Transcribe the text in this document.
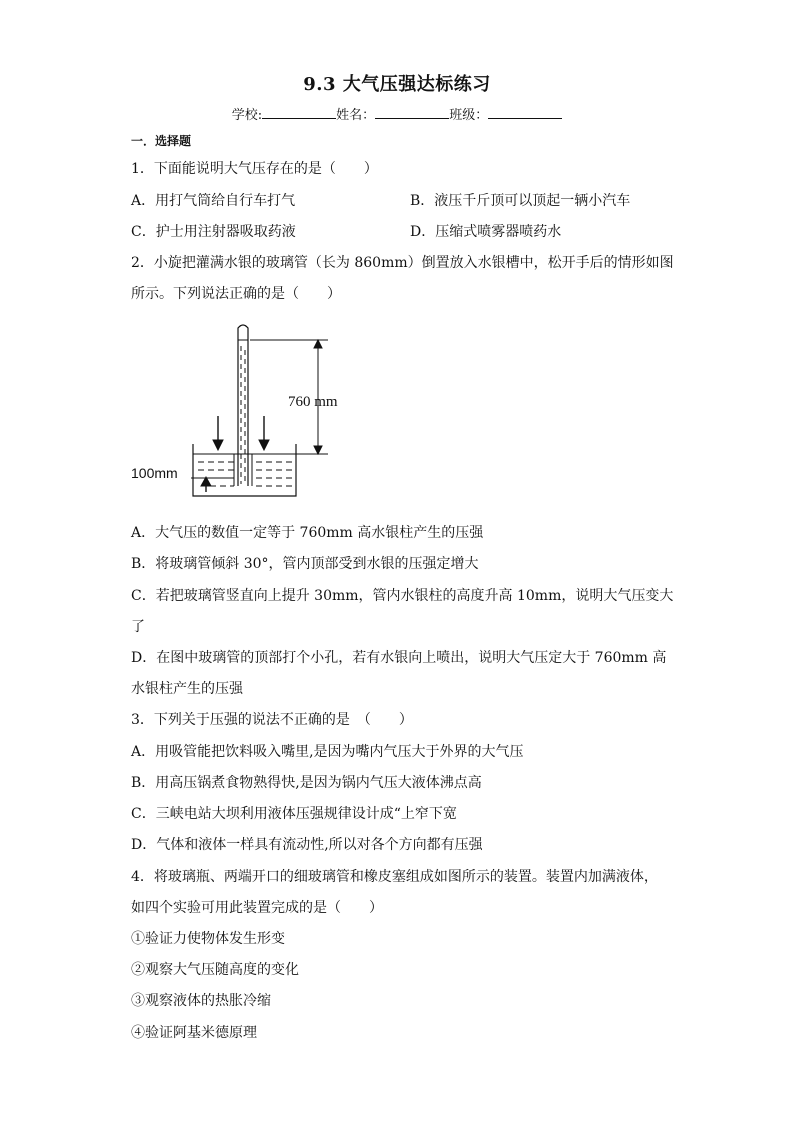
9.3 大气压强达标练习
学校:	姓名：	班级：
一．选择题
1．下面能说明大气压存在的是（　　）
A．用打气筒给自行车打气	B．液压千斤顶可以顶起一辆小汽车
C．护士用注射器吸取药液	D．压缩式喷雾器喷药水
2．小旋把灌满水银的玻璃管（长为 860mm）倒置放入水银槽中，松开手后的情形如图
所示。下列说法正确的是（　　）
760 mm
100mm
A．大气压的数值一定等于 760mm 高水银柱产生的压强
B．将玻璃管倾斜 30°，管内顶部受到水银的压强定增大
C．若把玻璃管竖直向上提升 30mm，管内水银柱的高度升高 10mm，说明大气压变大
了
D．在图中玻璃管的顶部打个小孔，若有水银向上喷出，说明大气压定大于 760mm 高
水银柱产生的压强
3．下列关于压强的说法不正确的是　（　　）
A．用吸管能把饮料吸入嘴里,是因为嘴内气压大于外界的大气压
B．用高压锅煮食物熟得快,是因为锅内气压大液体沸点高
C．三峡电站大坝利用液体压强规律设计成“上窄下宽
D．气体和液体一样具有流动性,所以对各个方向都有压强
4．将玻璃瓶、两端开口的细玻璃管和橡皮塞组成如图所示的装置。装置内加满液体，
如四个实验可用此装置完成的是（　　）
①验证力使物体发生形变
②观察大气压随高度的变化
③观察液体的热胀冷缩
④验证阿基米德原理
